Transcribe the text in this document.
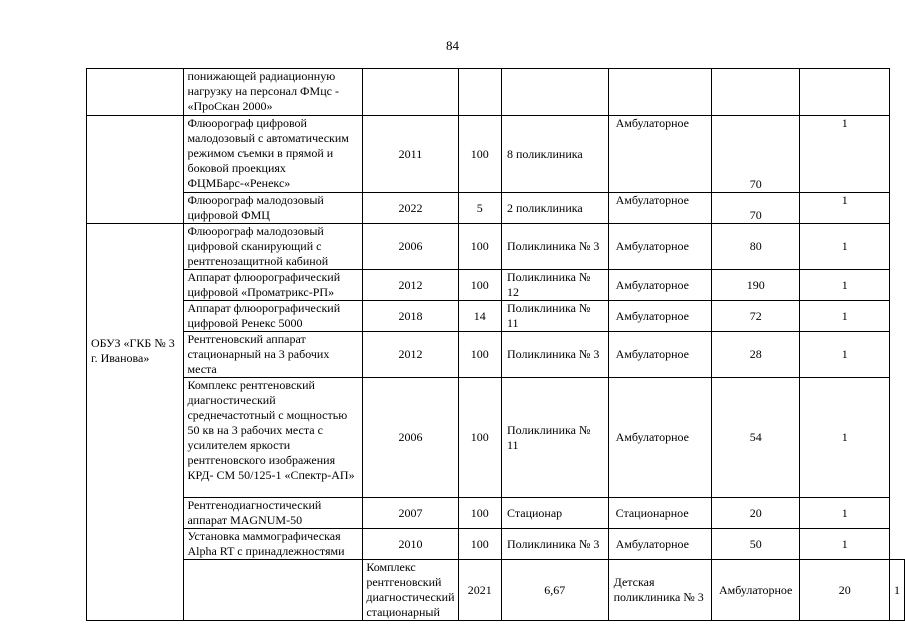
84
	понижающей радиационную нагрузку на персонал ФМцс - «ПроСкан 2000»							
	Флюорограф цифровой малодозовый с автоматическим режимом съемки в прямой и боковой проекциях ФЦМБарс-«Ренекс»	2011	100	8 поликлиника	Амбулаторное	70	1	
	Флюорограф малодозовый цифровой ФМЦ	2022	5	2 поликлиника	Амбулаторное	70	1	

ОБУЗ «ГКБ № 3 г. Иванова»	Флюорограф малодозовый цифровой сканирующий с рентгенозащитной кабиной	2006	100	Поликлиника № 3	Амбулаторное	80	1	
	Аппарат флюорографический цифровой «Проматрикс-РП»	2012	100	Поликлиника № 12	Амбулаторное	190	1	
	Аппарат флюорографический цифровой Ренекс 5000	2018	14	Поликлиника № 11	Амбулаторное	72	1	
	Рентгеновский аппарат стационарный на 3 рабочих места	2012	100	Поликлиника № 3	Амбулаторное	28	1	
	Комплекс рентгеновский диагностический среднечастотный с мощностью 50 кв на 3 рабочих места с усилителем яркости рентгеновского изображения КРД- СМ 50/125-1 «Спектр-АП»	2006	100	Поликлиника № 11	Амбулаторное	54	1	
	Рентгенодиагностический аппарат MAGNUM-50	2007	100	Стационар	Стационарное	20	1	
	Установка маммографическая Alpha RT с принадлежностями	2010	100	Поликлиника № 3	Амбулаторное	50	1	
		Комплекс рентгеновский диагностический стационарный	2021	6,67	Детская поликлиника № 3	Амбулаторное	20	1
